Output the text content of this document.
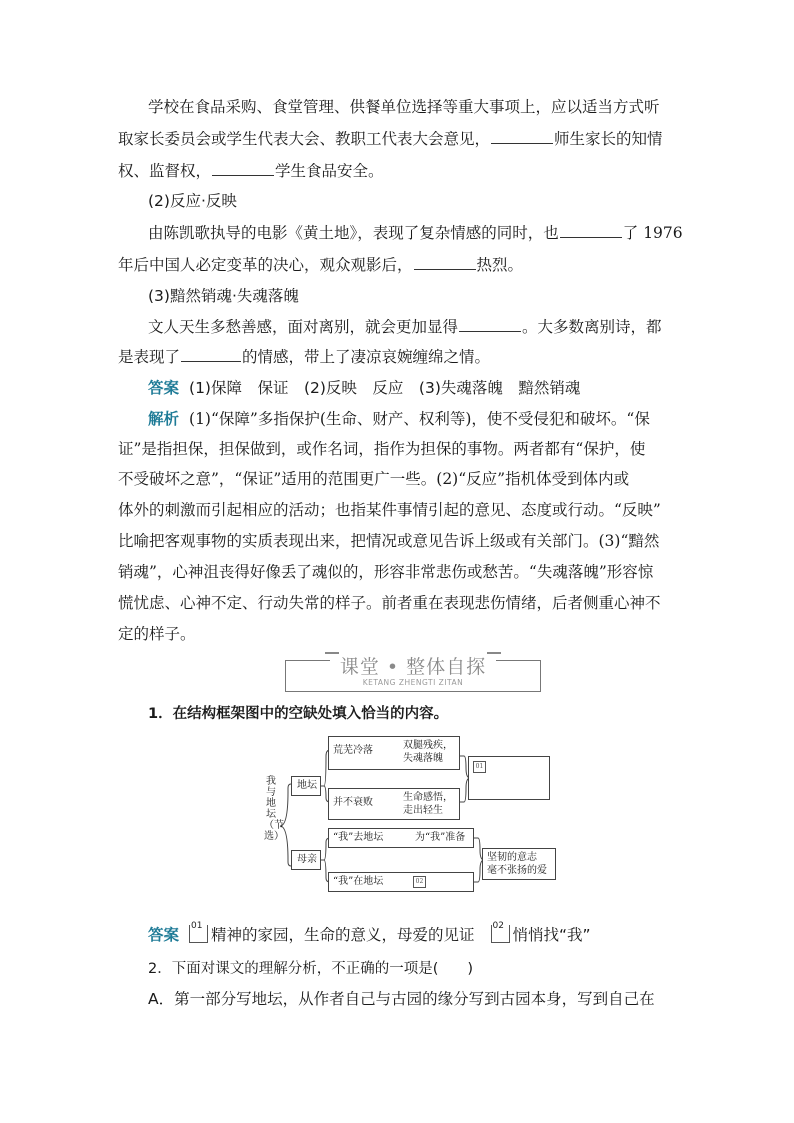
学校在食品采购、食堂管理、供餐单位选择等重大事项上，应以适当方式听
取家长委员会或学生代表大会、教职工代表大会意见，	师生家长的知情
权、监督权，	学生食品安全。
(2)反应·反映
由陈凯歌执导的电影《黄土地》，表现了复杂情感的同时，也	了 1976
年后中国人必定变革的决心，观众观影后，	热烈。
(3)黯然销魂·失魂落魄
文人天生多愁善感，面对离别，就会更加显得	。大多数离别诗，都
是表现了	的情感，带上了凄凉哀婉缠绵之情。
答案 (1)保障　保证　(2)反映　反应　(3)失魂落魄　黯然销魂
解析 (1)“保障”多指保护(生命、财产、权利等)，使不受侵犯和破坏。“保
证”是指担保，担保做到，或作名词，指作为担保的事物。两者都有“保护，使
不受破坏之意”，“保证”适用的范围更广一些。(2)“反应”指机体受到体内或
体外的刺激而引起相应的活动；也指某件事情引起的意见、态度或行动。“反映”
比喻把客观事物的实质表现出来，把情况或意见告诉上级或有关部门。(3)“黯然
销魂”，心神沮丧得好像丢了魂似的，形容非常悲伤或愁苦。“失魂落魄”形容惊
慌忧虑、心神不定、行动失常的样子。前者重在表现悲伤情绪，后者侧重心神不
定的样子。
课堂 • 整体自探
KETANG ZHENGTI ZITAN
1．在结构框架图中的空缺处填入恰当的内容。
我与地坛（节选）
地坛
母亲
荒芜冷落	双腿残疾，
失魂落魄
并不衰败	生命感悟，
走出轻生
01
“我”去地坛	为“我”准备
“我”在地坛	02
坚韧的意志
毫不张扬的爱
答案 01 精神的家园，生命的意义，母爱的见证 02 悄悄找“我”
2．下面对课文的理解分析，不正确的一项是(　　)
A．第一部分写地坛，从作者自己与古园的缘分写到古园本身，写到自己在
